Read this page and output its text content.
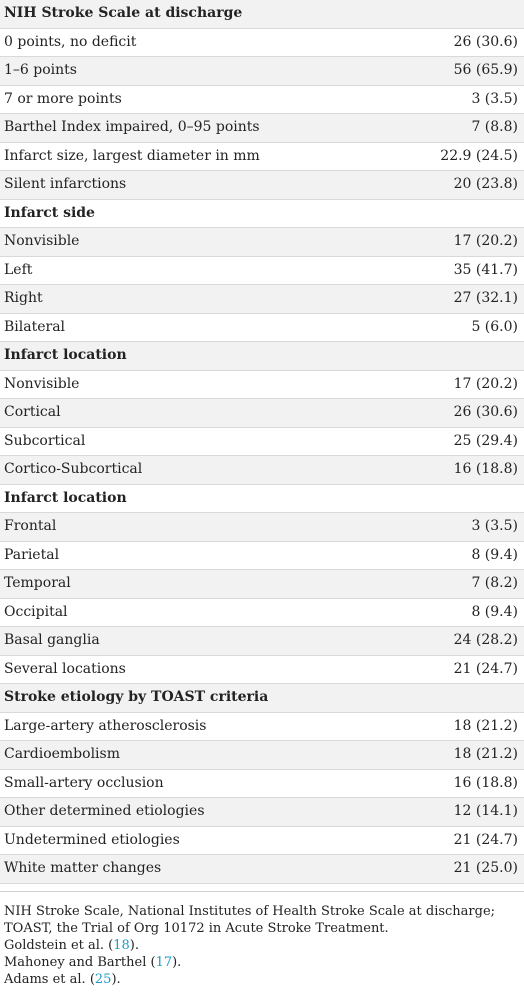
NIH Stroke Scale at discharge
0 points, no deficit	26 (30.6)
1–6 points	56 (65.9)
7 or more points	3 (3.5)
Barthel Index impaired, 0–95 points	7 (8.8)
Infarct size, largest diameter in mm	22.9 (24.5)
Silent infarctions	20 (23.8)
Infarct side
Nonvisible	17 (20.2)
Left	35 (41.7)
Right	27 (32.1)
Bilateral	5 (6.0)
Infarct location
Nonvisible	17 (20.2)
Cortical	26 (30.6)
Subcortical	25 (29.4)
Cortico-Subcortical	16 (18.8)
Infarct location
Frontal	3 (3.5)
Parietal	8 (9.4)
Temporal	7 (8.2)
Occipital	8 (9.4)
Basal ganglia	24 (28.2)
Several locations	21 (24.7)
Stroke etiology by TOAST criteria
Large-artery atherosclerosis	18 (21.2)
Cardioembolism	18 (21.2)
Small-artery occlusion	16 (18.8)
Other determined etiologies	12 (14.1)
Undetermined etiologies	21 (24.7)
White matter changes	21 (25.0)

NIH Stroke Scale, National Institutes of Health Stroke Scale at discharge; TOAST, the Trial of Org 10172 in Acute Stroke Treatment.

Goldstein et al. (18).

Mahoney and Barthel (17).

Adams et al. (25).
